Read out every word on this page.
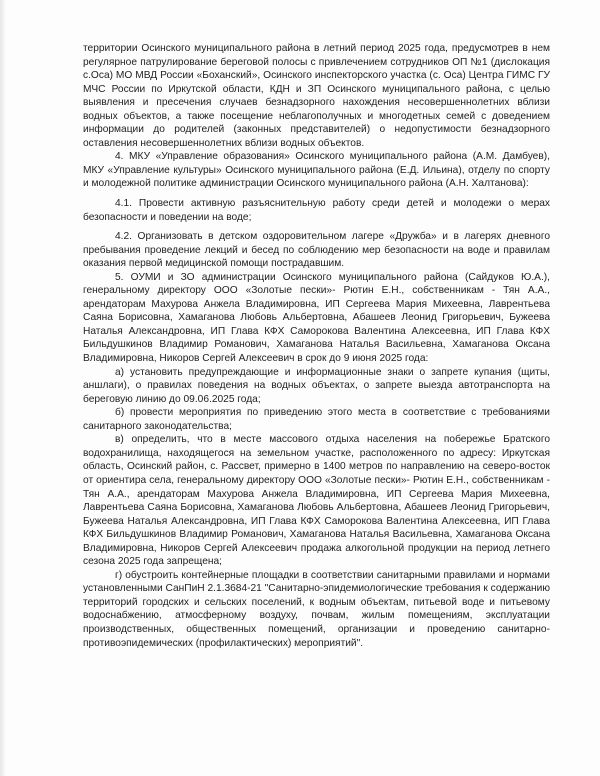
территории Осинского муниципального района в летний период 2025 года, предусмотрев в нем регулярное патрулирование береговой полосы с привлечением сотрудников ОП №1 (дислокация с.Оса) МО МВД России «Боханский», Осинского инспекторского участка (с. Оса) Центра ГИМС ГУ МЧС России по Иркутской области, КДН и ЗП Осинского муниципального района, с целью выявления и пресечения случаев безнадзорного нахождения несовершеннолетних вблизи водных объектов, а также посещение неблагополучных и многодетных семей с доведением информации до родителей (законных представителей) о недопустимости безнадзорного оставления несовершеннолетних вблизи водных объектов.

4. МКУ «Управление образования» Осинского муниципального района (А.М. Дамбуев), МКУ «Управление культуры» Осинского муниципального района (Е.Д. Ильина), отделу по спорту и молодежной политике администрации Осинского муниципального района (А.Н. Халтанова):

4.1. Провести активную разъяснительную работу среди детей и молодежи о мерах безопасности и поведении на воде;

4.2. Организовать в детском оздоровительном лагере «Дружба» и в лагерях дневного пребывания проведение лекций и бесед по соблюдению мер безопасности на воде и правилам оказания первой медицинской помощи пострадавшим.

5. ОУМИ и ЗО администрации Осинского муниципального района (Сайдуков Ю.А.), генеральному директору ООО «Золотые пески»- Рютин Е.Н., собственникам - Тян А.А., арендаторам Махурова Анжела Владимировна, ИП Сергеева Мария Михеевна, Лаврентьева Саяна Борисовна, Хамаганова Любовь Альбертовна, Абашеев Леонид Григорьевич, Бужеева Наталья Александровна, ИП Глава КФХ Саморокова Валентина Алексеевна, ИП Глава КФХ Бильдушкинов Владимир Романович, Хамаганова Наталья Васильевна, Хамаганова Оксана Владимировна, Никоров Сергей Алексеевич в срок до 9 июня 2025 года:

а) установить предупреждающие и информационные знаки о запрете купания (щиты, аншлаги), о правилах поведения на водных объектах, о запрете выезда автотранспорта на береговую линию до 09.06.2025 года;

б) провести мероприятия по приведению этого места в соответствие с требованиями санитарного законодательства;

в) определить, что в месте массового отдыха населения на побережье Братского водохранилища, находящегося на земельном участке, расположенного по адресу: Иркутская область, Осинский район, с. Рассвет, примерно в 1400 метров по направлению на северо-восток от ориентира села, генеральному директору ООО «Золотые пески»- Рютин Е.Н., собственникам - Тян А.А., арендаторам Махурова Анжела Владимировна, ИП Сергеева Мария Михеевна, Лаврентьева Саяна Борисовна, Хамаганова Любовь Альбертовна, Абашеев Леонид Григорьевич, Бужеева Наталья Александровна, ИП Глава КФХ Саморокова Валентина Алексеевна, ИП Глава КФХ Бильдушкинов Владимир Романович, Хамаганова Наталья Васильевна, Хамаганова Оксана Владимировна, Никоров Сергей Алексеевич продажа алкогольной продукции на период летнего сезона 2025 года запрещена;

г) обустроить контейнерные площадки в соответствии санитарными правилами и нормами установленными СанПиН 2.1.3684-21 "Санитарно-эпидемиологические требования к содержанию территорий городских и сельских поселений, к водным объектам, питьевой воде и питьевому водоснабжению, атмосферному воздуху, почвам, жилым помещениям, эксплуатации производственных, общественных помещений, организации и проведению санитарно-противоэпидемических (профилактических) мероприятий".
